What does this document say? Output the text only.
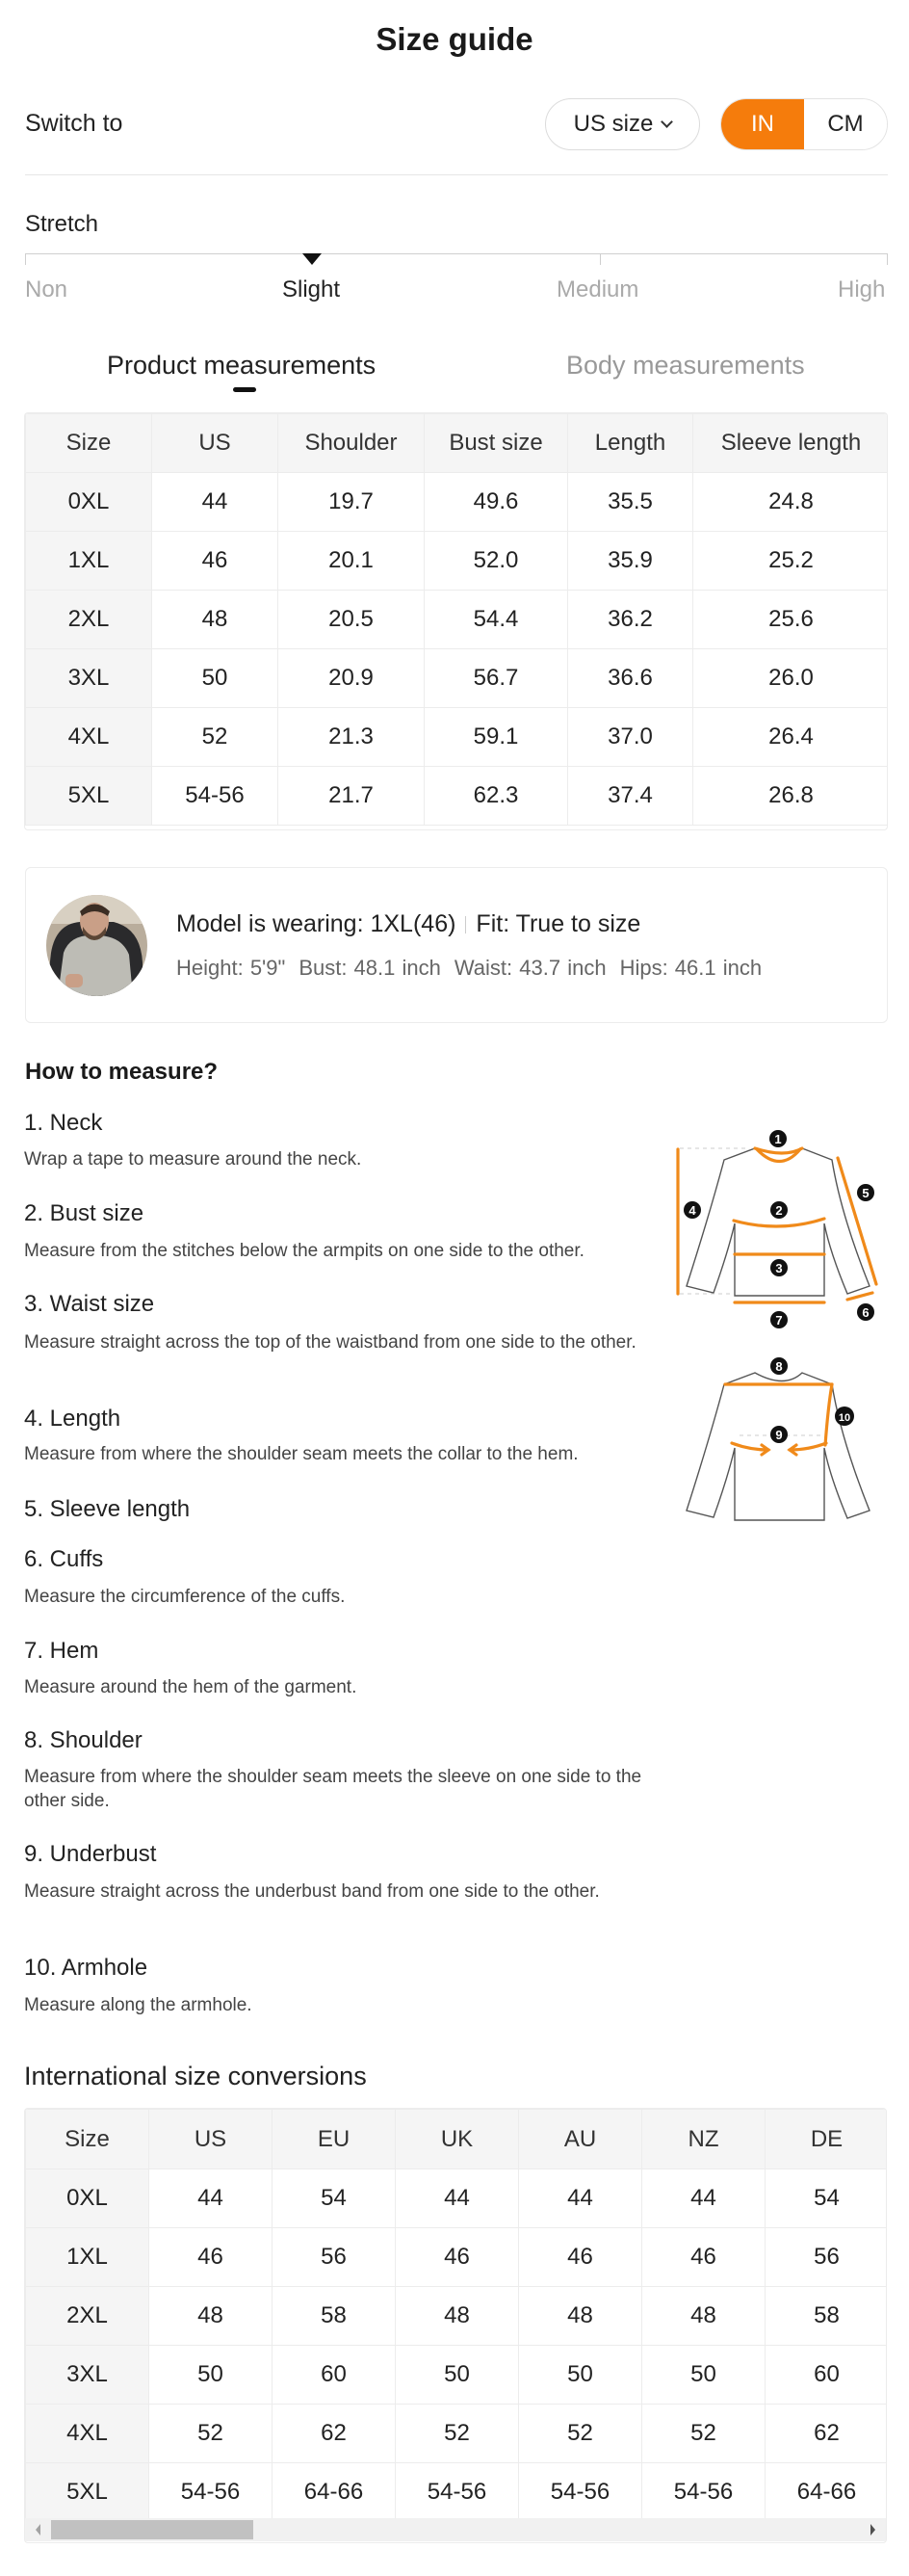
Size guide
Switch to	US size	IN	CM
Stretch
Non	Slight	Medium	High
Product measurements	Body measurements
Size	US	Shoulder	Bust size	Length	Sleeve length
0XL	44	19.7	49.6	35.5	24.8
1XL	46	20.1	52.0	35.9	25.2
2XL	48	20.5	54.4	36.2	25.6
3XL	50	20.9	56.7	36.6	26.0
4XL	52	21.3	59.1	37.0	26.4
5XL	54-56	21.7	62.3	37.4	26.8
Model is wearing: 1XL(46) Fit: True to size
Height: 5'9" Bust: 48.1 inch Waist: 43.7 inch Hips: 46.1 inch
How to measure?
1. Neck
Wrap a tape to measure around the neck.
2. Bust size
Measure from the stitches below the armpits on one side to the other.
3. Waist size
Measure straight across the top of the waistband from one side to the other.
4. Length
Measure from where the shoulder seam meets the collar to the hem.
5. Sleeve length
6. Cuffs
Measure the circumference of the cuffs.
7. Hem
Measure around the hem of the garment.
8. Shoulder
Measure from where the shoulder seam meets the sleeve on one side to the other side.
9. Underbust
Measure straight across the underbust band from one side to the other.
10. Armhole
Measure along the armhole.
1
2
3
4
5
6
7
8
9
10
International size conversions
Size	US	EU	UK	AU	NZ	DE
0XL	44	54	44	44	44	54
1XL	46	56	46	46	46	56
2XL	48	58	48	48	48	58
3XL	50	60	50	50	50	60
4XL	52	62	52	52	52	62
5XL	54-56	64-66	54-56	54-56	54-56	64-66
